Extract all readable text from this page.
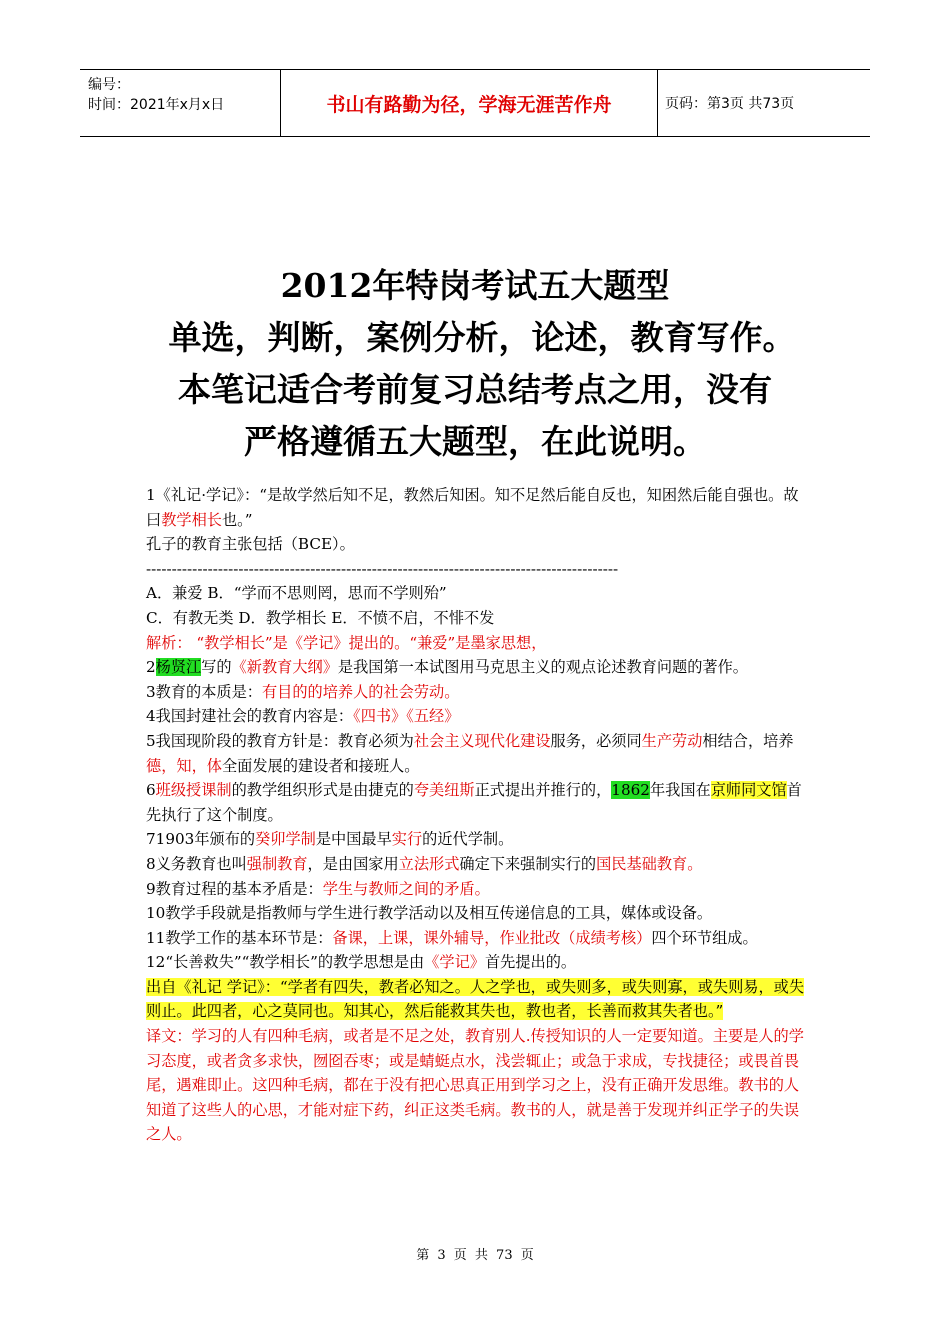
编号：
时间：2021年x月x日	书山有路勤为径，学海无涯苦作舟	页码：第3页 共73页
2012年特岗考试五大题型
单选，判断，案例分析，论述，教育写作。
本笔记适合考前复习总结考点之用，没有
严格遵循五大题型，在此说明。

1《礼记·学记》：“是故学然后知不足，教然后知困。知不足然后能自反也，知困然后能自强也。故曰教学相长也。”

孔子的教育主张包括（BCE）。

--------------------------------------------------------------------------------------------

A．兼爱 B．“学而不思则罔，思而不学则殆”

C．有教无类 D．教学相长 E．不愤不启，不悱不发

解析： “教学相长”是《学记》提出的。“兼爱”是墨家思想，

2杨贤江写的《新教育大纲》是我国第一本试图用马克思主义的观点论述教育问题的著作。

3教育的本质是：有目的的培养人的社会劳动。

4我国封建社会的教育内容是：《四书》《五经》

5我国现阶段的教育方针是：教育必须为社会主义现代化建设服务，必须同生产劳动相结合，培养德，知，体全面发展的建设者和接班人。

6班级授课制的教学组织形式是由捷克的夸美纽斯正式提出并推行的，1862年我国在京师同文馆首先执行了这个制度。

71903年颁布的癸卯学制是中国最早实行的近代学制。

8义务教育也叫强制教育，是由国家用立法形式确定下来强制实行的国民基础教育。

9教育过程的基本矛盾是：学生与教师之间的矛盾。

10教学手段就是指教师与学生进行教学活动以及相互传递信息的工具，媒体或设备。

11教学工作的基本环节是：备课，上课，课外辅导，作业批改（成绩考核）四个环节组成。

12“长善救失”“教学相长”的教学思想是由《学记》首先提出的。

出自《礼记 学记》：“学者有四失，教者必知之。人之学也，或失则多，或失则寡，或失则易，或失则止。此四者，心之莫同也。知其心，然后能救其失也，教也者，长善而救其失者也。”

译文：学习的人有四种毛病，或者是不足之处，教育别人.传授知识的人一定要知道。主要是人的学习态度，或者贪多求快，囫囵吞枣；或是蜻蜓点水，浅尝辄止；或急于求成，专找捷径；或畏首畏尾，遇难即止。这四种毛病，都在于没有把心思真正用到学习之上，没有正确开发思维。教书的人知道了这些人的心思，才能对症下药，纠正这类毛病。教书的人，就是善于发现并纠正学子的失误之人。

第 3 页 共 73 页
